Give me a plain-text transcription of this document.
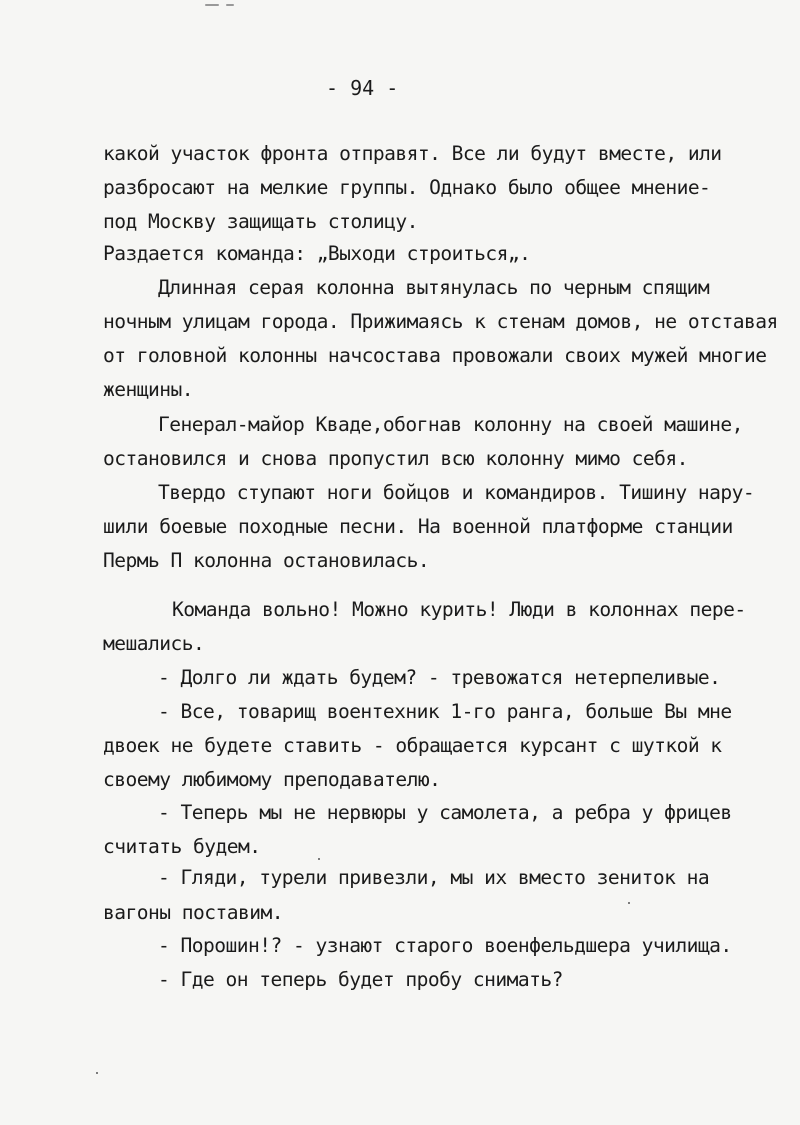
- 94 -
какой участок фронта отправят. Все ли будут вместе, или
разбросают на мелкие группы. Однако было общее мнение-
под Москву защищать столицу.
Раздается команда: „Выходи строиться„.
Длинная серая колонна вытянулась по черным спящим
ночным улицам города. Прижимаясь к стенам домов, не отставая
от головной колонны начсостава провожали своих мужей многие
женщины.
Генерал-майор Кваде,обогнав колонну на своей машине,
остановился и снова пропустил всю колонну мимо себя.
Твердо ступают ноги бойцов и командиров. Тишину нару-
шили боевые походные песни. На военной платформе станции
Пермь П колонна остановилась.
Команда вольно! Можно курить! Люди в колоннах пере-
мешались.
- Долго ли ждать будем? - тревожатся нетерпеливые.
- Все, товарищ воентехник 1-го ранга, больше Вы мне
двоек не будете ставить - обращается курсант с шуткой к
своему любимому преподавателю.
- Теперь мы не нервюры у самолета, а ребра у фрицев
считать будем.
- Гляди, турели привезли, мы их вместо зениток на
вагоны поставим.
- Порошин!? - узнают старого военфельдшера училища.
- Где он теперь будет пробу снимать?
